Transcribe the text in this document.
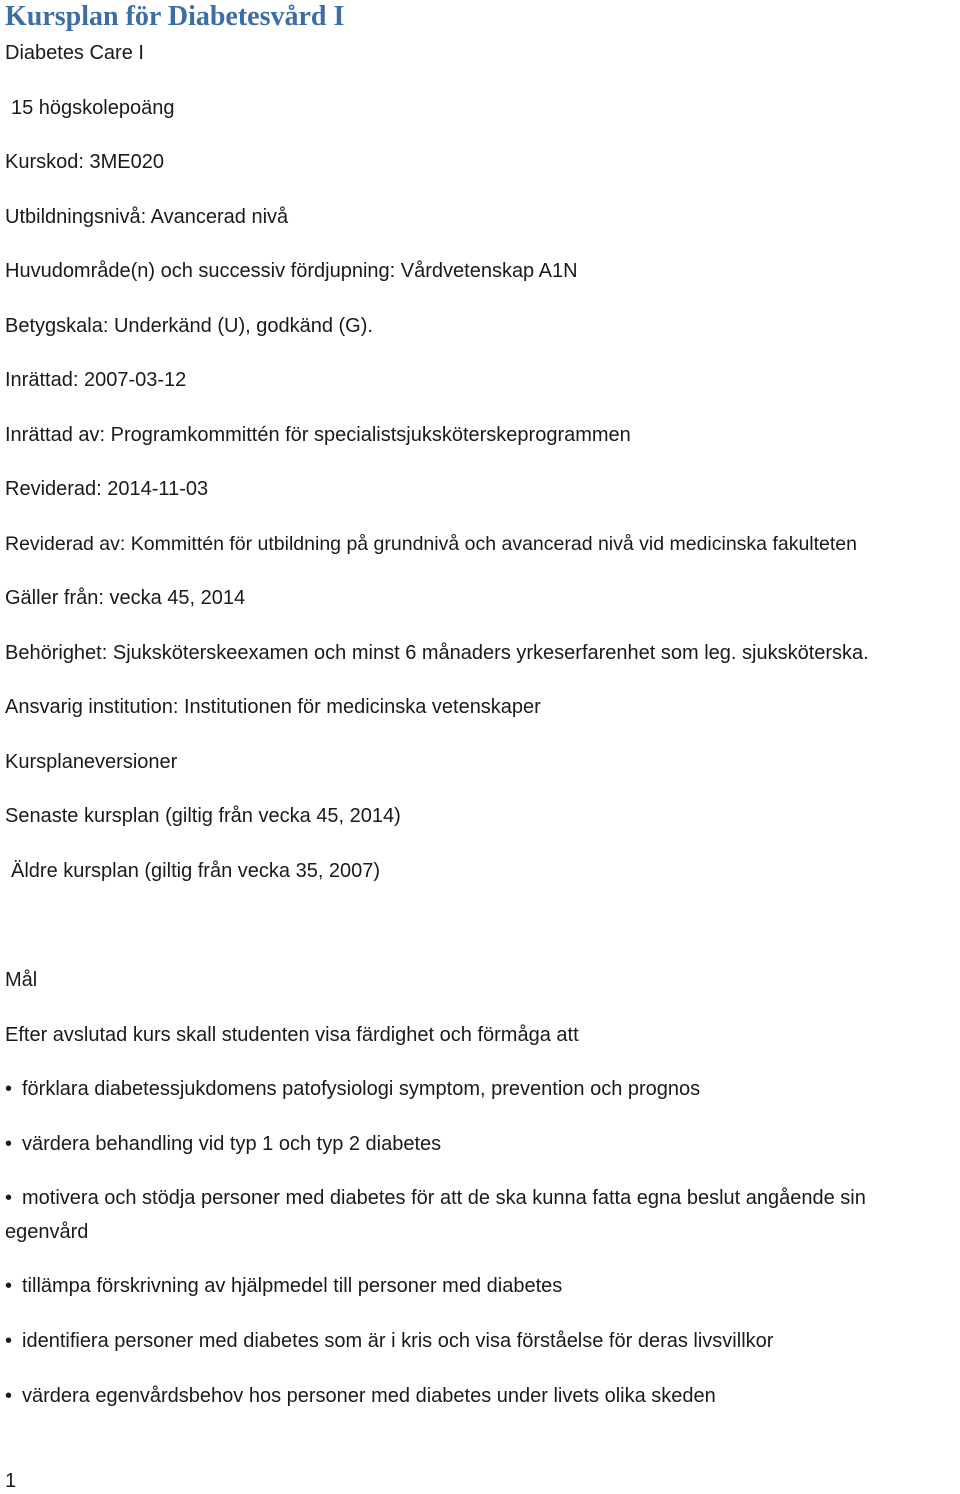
Kursplan för Diabetesvård I

Diabetes Care I

15 högskolepoäng

Kurskod: 3ME020

Utbildningsnivå: Avancerad nivå

Huvudområde(n) och successiv fördjupning: Vårdvetenskap A1N

Betygskala: Underkänd (U), godkänd (G).

Inrättad: 2007-03-12

Inrättad av: Programkommittén för specialistsjuksköterskeprogrammen

Reviderad: 2014-11-03

Reviderad av: Kommittén för utbildning på grundnivå och avancerad nivå vid medicinska fakulteten

Gäller från: vecka 45, 2014

Behörighet: Sjuksköterskeexamen och minst 6 månaders yrkeserfarenhet som leg. sjuksköterska.

Ansvarig institution: Institutionen för medicinska vetenskaper

Kursplaneversioner

Senaste kursplan (giltig från vecka 45, 2014)

Äldre kursplan (giltig från vecka 35, 2007)

Mål

Efter avslutad kurs skall studenten visa färdighet och förmåga att

• förklara diabetessjukdomens patofysiologi symptom, prevention och prognos

• värdera behandling vid typ 1 och typ 2 diabetes

• motivera och stödja personer med diabetes för att de ska kunna fatta egna beslut angående sin egenvård

• tillämpa förskrivning av hjälpmedel till personer med diabetes

• identifiera personer med diabetes som är i kris och visa förståelse för deras livsvillkor

• värdera egenvårdsbehov hos personer med diabetes under livets olika skeden

1
